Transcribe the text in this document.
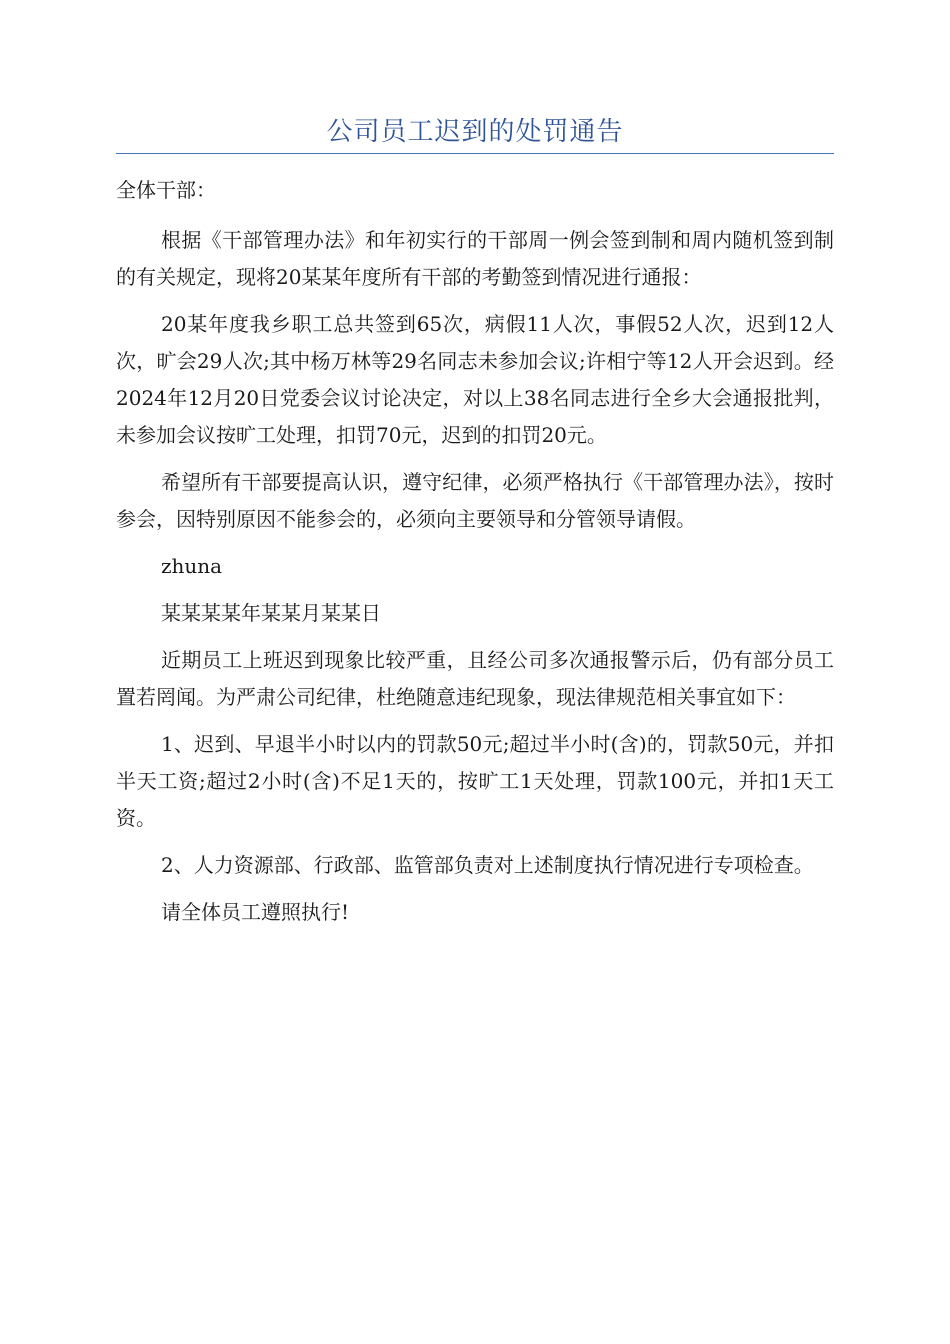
公司员工迟到的处罚通告

全体干部：

根据《干部管理办法》和年初实行的干部周一例会签到制和周内随机签到制的有关规定，现将20某某年度所有干部的考勤签到情况进行通报：

20某年度我乡职工总共签到65次，病假11人次，事假52人次，迟到12人次，旷会29人次;其中杨万林等29名同志未参加会议;许相宁等12人开会迟到。经2024年12月20日党委会议讨论决定，对以上38名同志进行全乡大会通报批判，未参加会议按旷工处理，扣罚70元，迟到的扣罚20元。

希望所有干部要提高认识，遵守纪律，必须严格执行《干部管理办法》，按时参会，因特别原因不能参会的，必须向主要领导和分管领导请假。

zhuna

某某某某年某某月某某日

近期员工上班迟到现象比较严重，且经公司多次通报警示后，仍有部分员工置若罔闻。为严肃公司纪律，杜绝随意违纪现象，现法律规范相关事宜如下：

1、迟到、早退半小时以内的罚款50元;超过半小时(含)的，罚款50元，并扣半天工资;超过2小时(含)不足1天的，按旷工1天处理，罚款100元，并扣1天工资。

2、人力资源部、行政部、监管部负责对上述制度执行情况进行专项检查。

请全体员工遵照执行!
